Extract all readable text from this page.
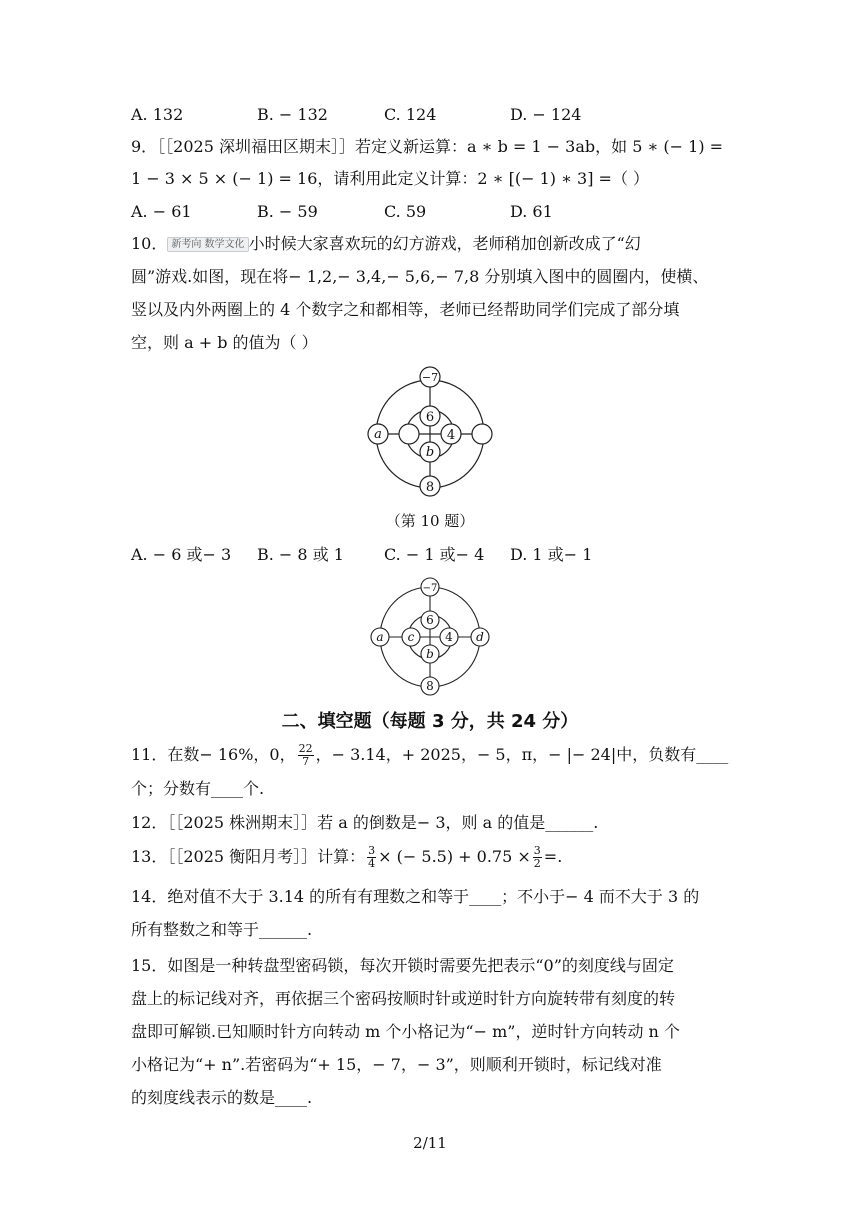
A. 132	B. − 132	C. 124	D. − 124
9．［［2025 深圳福田区期末］］若定义新运算：a ∗ b = 1 − 3ab，如 5 ∗ (− 1) =
1 − 3 × 5 × (− 1) = 16，请利用此定义计算：2 ∗ [(− 1) ∗ 3] =（ ）
A. − 61	B. − 59	C. 59	D. 61
10． 新考向 数学文化 小时候大家喜欢玩的幻方游戏，老师稍加创新改成了“幻
圆”游戏.如图，现在将− 1,2,− 3,4,− 5,6,− 7,8 分别填入图中的圆圈内，使横、
竖以及内外两圈上的 4 个数字之和都相等，老师已经帮助同学们完成了部分填
空，则 a + b 的值为（ ）
−7
6
a	4
b
8
（第 10 题）
A. − 6 或− 3 B. − 8 或 1	C. − 1 或− 4 D. 1 或− 1
−7
6
a c	4 d
b
8
二、填空题（每题 3 分，共 24 分）
11．在数− 16%，0， $\frac{22}{7}$ ，− 3.14，+ 2025，− 5，π，− |− 24|中，负数有____
个；分数有____个.
12．［［2025 株洲期末］］若 a 的倒数是− 3，则 a 的值是______.
13．［［2025 衡阳月考］］计算： $\frac{3}{4}$ × (− $5.5) + 0.75 \times \frac{3}{2}$ =.
14．绝对值不大于 3.14 的所有有理数之和等于____；不小于− 4 而不大于 3 的
所有整数之和等于______.
15．如图是一种转盘型密码锁，每次开锁时需要先把表示“0”的刻度线与固定
盘上的标记线对齐，再依据三个密码按顺时针或逆时针方向旋转带有刻度的转
盘即可解锁.已知顺时针方向转动 m 个小格记为“− m”，逆时针方向转动 n 个
小格记为“+ n”.若密码为“+ 15，− 7，− 3”，则顺利开锁时，标记线对准
的刻度线表示的数是____.
2/11
